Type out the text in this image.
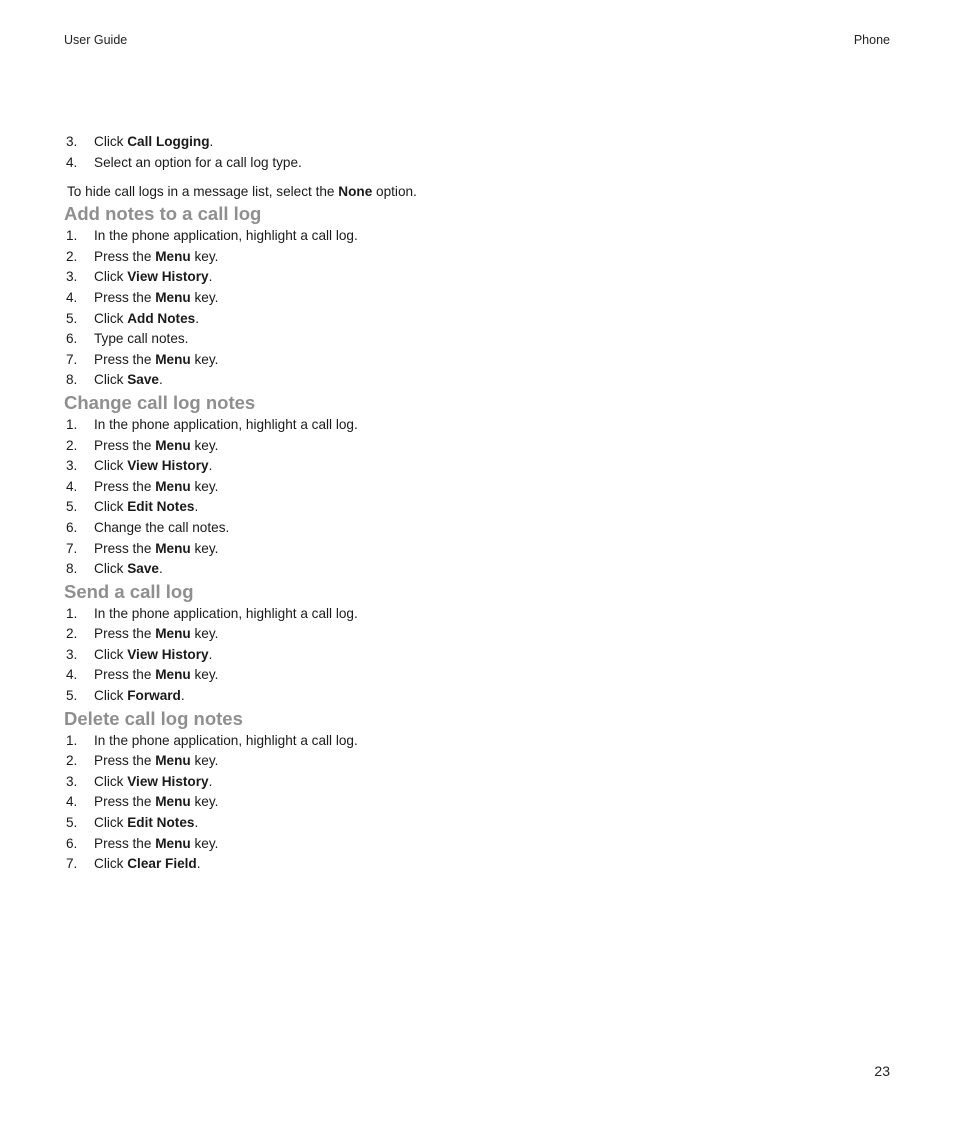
User Guide	Phone
3.	Click Call Logging.
4.	Select an option for a call log type.

To hide call logs in a message list, select the None option.

Add notes to a call log
1.	In the phone application, highlight a call log.
2.	Press the Menu key.
3.	Click View History.
4.	Press the Menu key.
5.	Click Add Notes.
6.	Type call notes.
7.	Press the Menu key.
8.	Click Save.
Change call log notes
1.	In the phone application, highlight a call log.
2.	Press the Menu key.
3.	Click View History.
4.	Press the Menu key.
5.	Click Edit Notes.
6.	Change the call notes.
7.	Press the Menu key.
8.	Click Save.
Send a call log
1.	In the phone application, highlight a call log.
2.	Press the Menu key.
3.	Click View History.
4.	Press the Menu key.
5.	Click Forward.
Delete call log notes
1.	In the phone application, highlight a call log.
2.	Press the Menu key.
3.	Click View History.
4.	Press the Menu key.
5.	Click Edit Notes.
6.	Press the Menu key.
7.	Click Clear Field.
23
